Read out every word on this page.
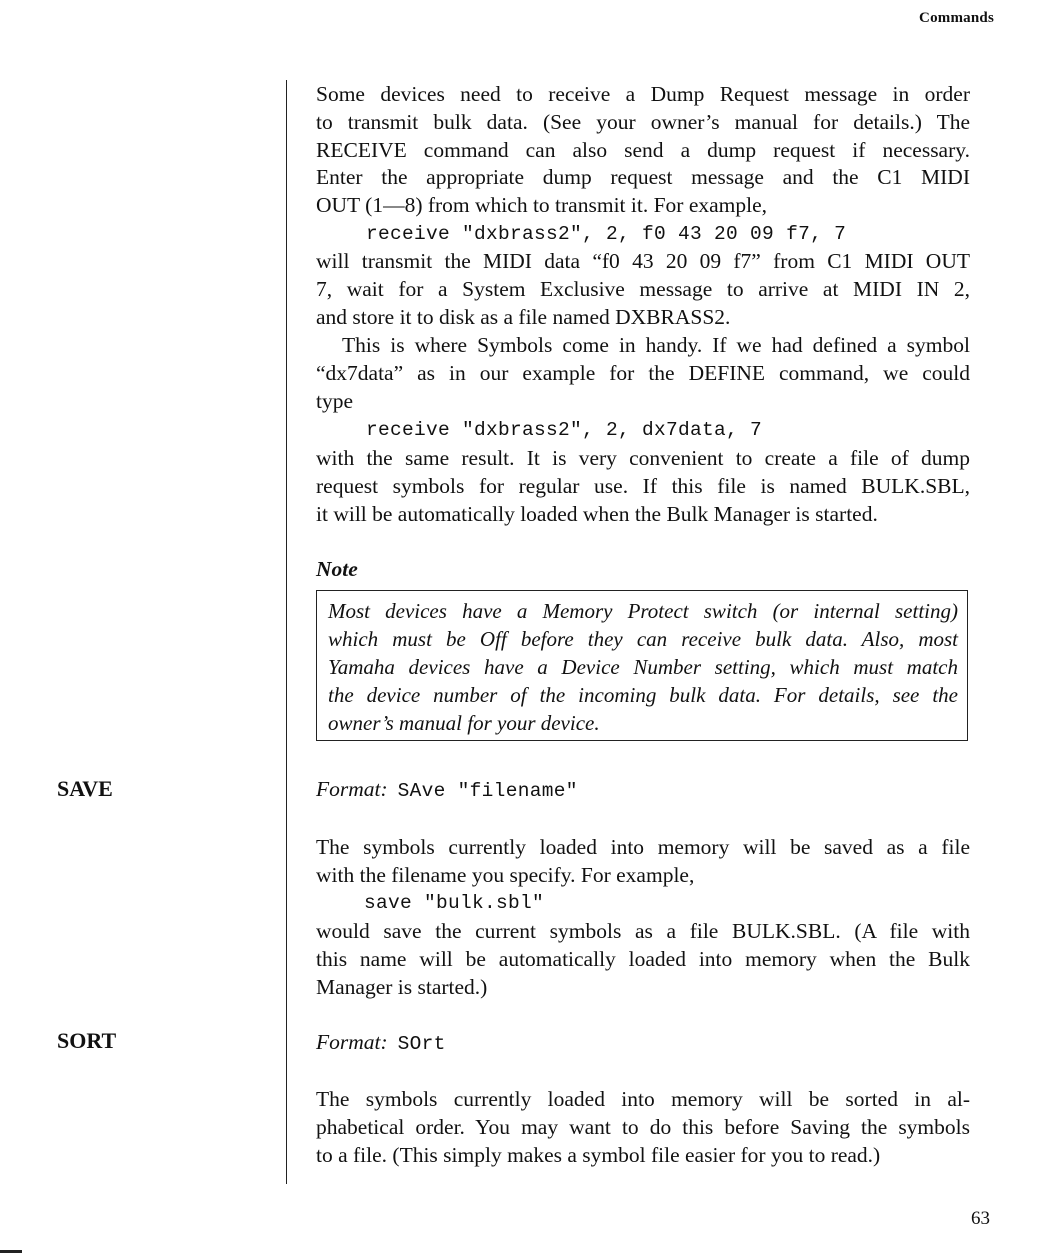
Commands
Some devices need to receive a Dump Request message in order
to transmit bulk data. (See your owner’s manual for details.) The
RECEIVE command can also send a dump request if necessary.
Enter the appropriate dump request message and the C1 MIDI
OUT (1—8) from which to transmit it. For example,
receive "dxbrass2", 2, f0 43 20 09 f7, 7
will transmit the MIDI data “f0 43 20 09 f7” from C1 MIDI OUT
7, wait for a System Exclusive message to arrive at MIDI IN 2,
and store it to disk as a file named DXBRASS2.
This is where Symbols come in handy. If we had defined a symbol
“dx7data” as in our example for the DEFINE command, we could
type
receive "dxbrass2", 2, dx7data, 7
with the same result. It is very convenient to create a file of dump
request symbols for regular use. If this file is named BULK.SBL,
it will be automatically loaded when the Bulk Manager is started.
Note
Most devices have a Memory Protect switch (or internal setting)
which must be Off before they can receive bulk data. Also, most
Yamaha devices have a Device Number setting, which must match
the device number of the incoming bulk data. For details, see the
owner’s manual for your device.
SAVE	Format: SAve "filename"
The symbols currently loaded into memory will be saved as a file
with the filename you specify. For example,
save "bulk.sbl"
would save the current symbols as a file BULK.SBL. (A file with
this name will be automatically loaded into memory when the Bulk
Manager is started.)
SORT	Format: SOrt
The symbols currently loaded into memory will be sorted in al-
phabetical order. You may want to do this before Saving the symbols
to a file. (This simply makes a symbol file easier for you to read.)
63
